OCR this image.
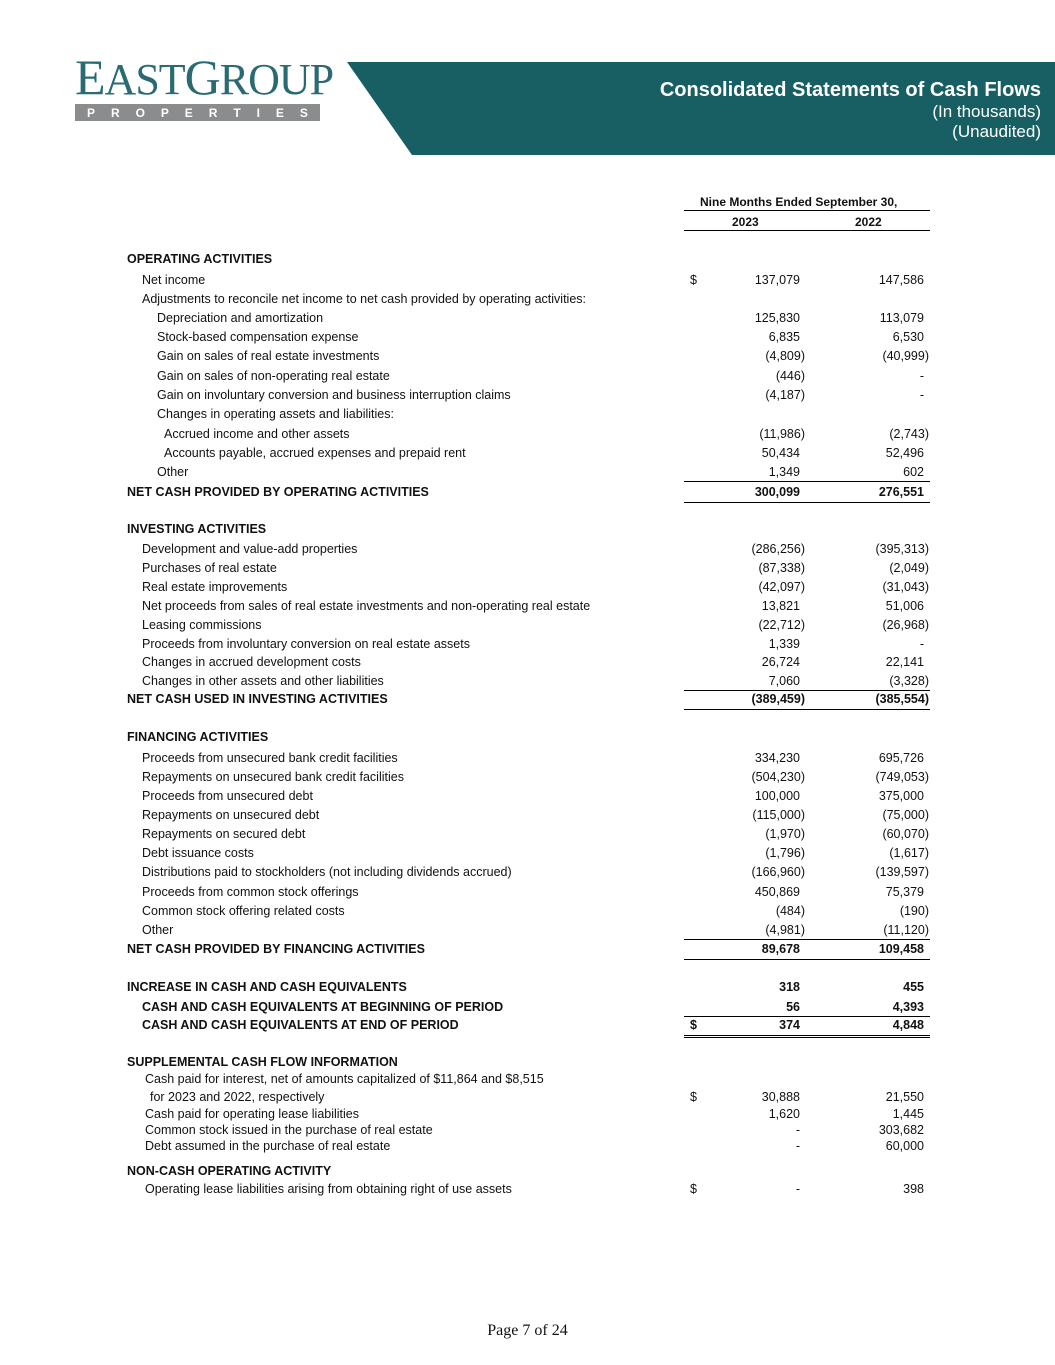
Consolidated Statements of Cash Flows
(In thousands)
(Unaudited)
EASTGROUP
P R O P E R T I E S
Nine Months Ended September 30,
2023	2022
OPERATING ACTIVITIES
Net income	$	137,079	147,586
Adjustments to reconcile net income to net cash provided by operating activities:
Depreciation and amortization	125,830	113,079
Stock-based compensation expense	6,835	6,530
Gain on sales of real estate investments	(4,809)	(40,999)
Gain on sales of non-operating real estate	(446)	-
Gain on involuntary conversion and business interruption claims	(4,187)	-
Changes in operating assets and liabilities:
Accrued income and other assets	(11,986)	(2,743)
Accounts payable, accrued expenses and prepaid rent	50,434	52,496
Other	1,349	602
NET CASH PROVIDED BY OPERATING ACTIVITIES	300,099	276,551
INVESTING ACTIVITIES
Development and value-add properties	(286,256)	(395,313)
Purchases of real estate	(87,338)	(2,049)
Real estate improvements	(42,097)	(31,043)
Net proceeds from sales of real estate investments and non-operating real estate	13,821	51,006
Leasing commissions	(22,712)	(26,968)
Proceeds from involuntary conversion on real estate assets	1,339	-
Changes in accrued development costs	26,724	22,141
Changes in other assets and other liabilities	7,060	(3,328)
NET CASH USED IN INVESTING ACTIVITIES	(389,459)	(385,554)
FINANCING ACTIVITIES
Proceeds from unsecured bank credit facilities	334,230	695,726
Repayments on unsecured bank credit facilities	(504,230)	(749,053)
Proceeds from unsecured debt	100,000	375,000
Repayments on unsecured debt	(115,000)	(75,000)
Repayments on secured debt	(1,970)	(60,070)
Debt issuance costs	(1,796)	(1,617)
Distributions paid to stockholders (not including dividends accrued)	(166,960)	(139,597)
Proceeds from common stock offerings	450,869	75,379
Common stock offering related costs	(484)	(190)
Other	(4,981)	(11,120)
NET CASH PROVIDED BY FINANCING ACTIVITIES	89,678	109,458
INCREASE IN CASH AND CASH EQUIVALENTS	318	455
CASH AND CASH EQUIVALENTS AT BEGINNING OF PERIOD	56	4,393
CASH AND CASH EQUIVALENTS AT END OF PERIOD	$	374	4,848
SUPPLEMENTAL CASH FLOW INFORMATION
Cash paid for interest, net of amounts capitalized of $11,864 and $8,515
for 2023 and 2022, respectively	$	30,888	21,550
Cash paid for operating lease liabilities	1,620	1,445
Common stock issued in the purchase of real estate	-	303,682
Debt assumed in the purchase of real estate	-	60,000
NON-CASH OPERATING ACTIVITY
Operating lease liabilities arising from obtaining right of use assets	$	-	398
Page 7 of 24
